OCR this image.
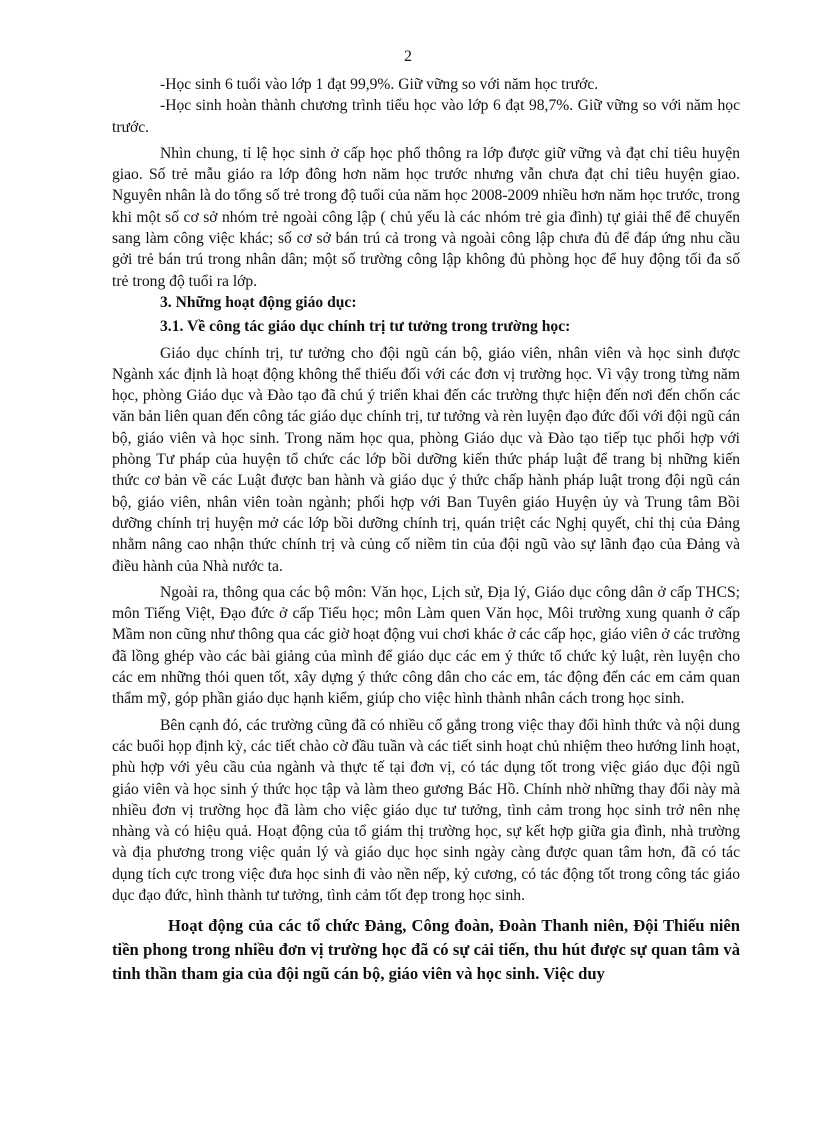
2

-Học sinh 6 tuổi vào lớp 1 đạt 99,9%. Giữ vững so với năm học trước.

-Học sinh hoàn thành chương trình tiểu học vào lớp 6 đạt 98,7%. Giữ vững so với năm học trước.

Nhìn chung, tỉ lệ học sinh ở cấp học phổ thông ra lớp được giữ vững và đạt chỉ tiêu huyện giao. Số trẻ mẫu giáo ra lớp đông hơn năm học trước nhưng vẫn chưa đạt chỉ tiêu huyện giao. Nguyên nhân là do tổng số trẻ trong độ tuổi của năm học 2008-2009 nhiều hơn năm học trước, trong khi một số cơ sở nhóm trẻ ngoài công lập ( chủ yếu là các nhóm trẻ gia đình) tự giải thể để chuyển sang làm công việc khác; số cơ sở bán trú cả trong và ngoài công lập chưa đủ để đáp ứng nhu cầu gởi trẻ bán trú trong nhân dân; một số trường công lập không đủ phòng học để huy động tối đa số trẻ trong độ tuổi ra lớp.

3. Những hoạt động giáo dục:

3.1. Về công tác giáo dục chính trị tư tưởng trong trường học:

Giáo dục chính trị, tư tưởng cho đội ngũ cán bộ, giáo viên, nhân viên và học sinh được Ngành xác định là hoạt động không thể thiếu đối với các đơn vị trường học. Vì vậy trong từng năm học, phòng Giáo dục và Đào tạo đã chú ý triển khai đến các trường thực hiện đến nơi đến chốn các văn bản liên quan đến công tác giáo dục chính trị, tư tưởng và rèn luyện đạo đức đối với đội ngũ cán bộ, giáo viên và học sinh. Trong năm học qua, phòng Giáo dục và Đào tạo tiếp tục phối hợp với phòng Tư pháp của huyện tổ chức các lớp bồi dưỡng kiến thức pháp luật để trang bị những kiến thức cơ bản về các Luật được ban hành và giáo dục ý thức chấp hành pháp luật trong đội ngũ cán bộ, giáo viên, nhân viên toàn ngành; phối hợp với Ban Tuyên giáo Huyện ủy và Trung tâm Bồi dưỡng chính trị huyện mở các lớp bồi dưỡng chính trị, quán triệt các Nghị quyết, chỉ thị của Đảng nhằm nâng cao nhận thức chính trị và củng cố niềm tin của đội ngũ vào sự lãnh đạo của Đảng và điều hành của Nhà nước ta.

Ngoài ra, thông qua các bộ môn: Văn học, Lịch sử, Địa lý, Giáo dục công dân ở cấp THCS; môn Tiếng Việt, Đạo đức ở cấp Tiểu học; môn Làm quen Văn học, Môi trường xung quanh ở cấp Mầm non cũng như thông qua các giờ hoạt động vui chơi khác ở các cấp học, giáo viên ở các trường đã lồng ghép vào các bài giảng của mình để giáo dục các em ý thức tổ chức kỷ luật, rèn luyện cho các em những thói quen tốt, xây dựng ý thức công dân cho các em, tác động đến các em cảm quan thẩm mỹ, góp phần giáo dục hạnh kiểm, giúp cho việc hình thành nhân cách trong học sinh.

Bên cạnh đó, các trường cũng đã có nhiều cố gắng trong việc thay đổi hình thức và nội dung các buổi họp định kỳ, các tiết chào cờ đầu tuần và các tiết sinh hoạt chủ nhiệm theo hướng linh hoạt, phù hợp với yêu cầu của ngành và thực tế tại đơn vị, có tác dụng tốt trong việc giáo dục đội ngũ giáo viên và học sinh ý thức học tập và làm theo gương Bác Hồ. Chính nhờ những thay đổi này mà nhiều đơn vị trường học đã làm cho việc giáo dục tư tưởng, tình cảm trong học sinh trở nên nhẹ nhàng và có hiệu quả. Hoạt động của tổ giám thị trường học, sự kết hợp giữa gia đình, nhà trường và địa phương trong việc quản lý và giáo dục học sinh ngày càng được quan tâm hơn, đã có tác dụng tích cực trong việc đưa học sinh đi vào nền nếp, kỷ cương, có tác động tốt trong công tác giáo dục đạo đức, hình thành tư tưởng, tình cảm tốt đẹp trong học sinh.

Hoạt động của các tổ chức Đảng, Công đoàn, Đoàn Thanh niên, Đội Thiếu niên tiền phong trong nhiều đơn vị trường học đã có sự cải tiến, thu hút được sự quan tâm và tinh thần tham gia của đội ngũ cán bộ, giáo viên và học sinh. Việc duy
